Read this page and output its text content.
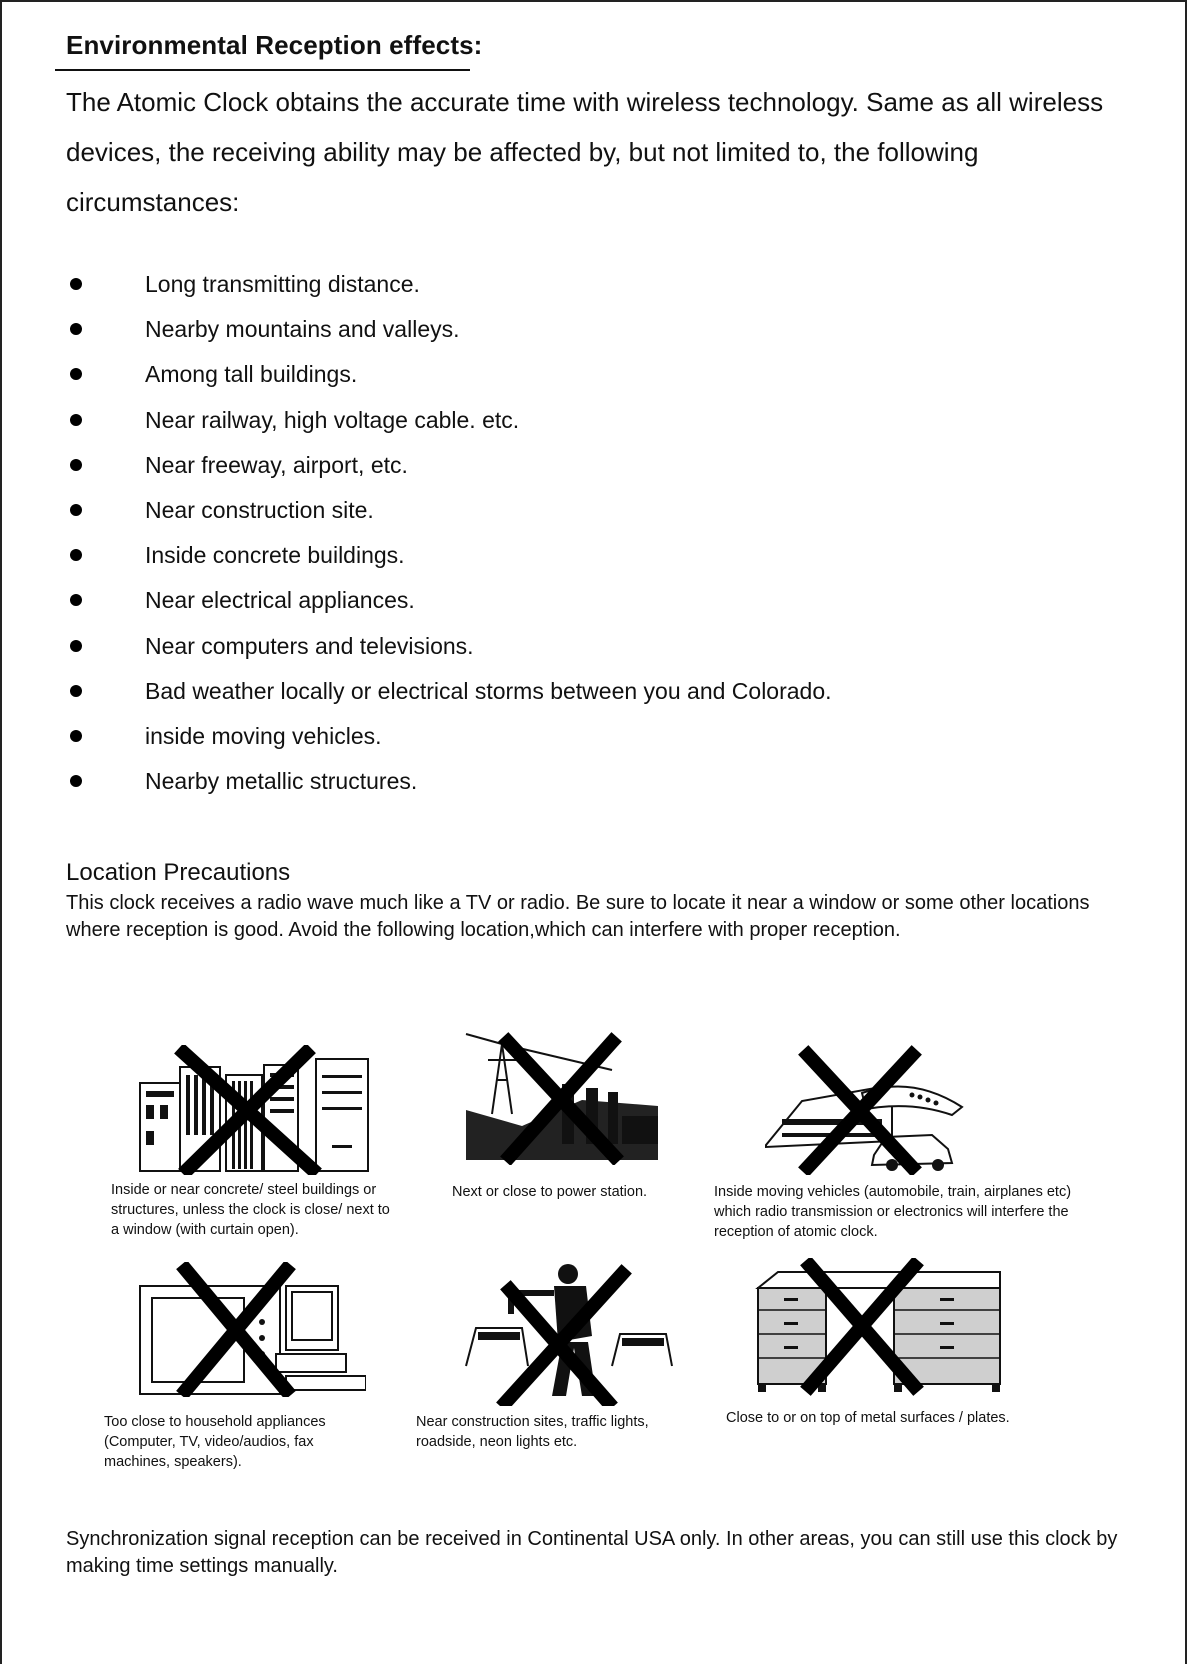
Environmental Reception effects:
The Atomic Clock obtains the accurate time with wireless technology. Same as all wireless devices, the receiving ability may be affected by, but not limited to, the following circumstances:
Long transmitting distance.
Nearby mountains and valleys.
Among tall buildings.
Near railway, high voltage cable. etc.
Near freeway, airport, etc.
Near construction site.
Inside concrete buildings.
Near electrical appliances.
Near computers and televisions.
Bad weather locally or electrical storms between you and Colorado.
inside moving vehicles.
Nearby metallic structures.
Location Precautions
This clock receives a radio wave much like a TV or radio. Be sure to locate it near a window or some other locations where reception is good. Avoid the following location,which can interfere with proper reception.
Inside or near concrete/ steel buildings or structures, unless the clock is close/ next to a window (with curtain open).
Next or close to power station.	Inside moving vehicles (automobile, train, airplanes etc) which radio transmission or electronics will interfere the reception of atomic clock.
Too close to household appliances (Computer, TV, video/audios, fax machines, speakers).
Near construction sites, traffic lights, roadside, neon lights etc.
Close to or on top of metal surfaces / plates.
Synchronization signal reception can be received in Continental USA only. In other areas, you can still use this clock by making time settings manually.
